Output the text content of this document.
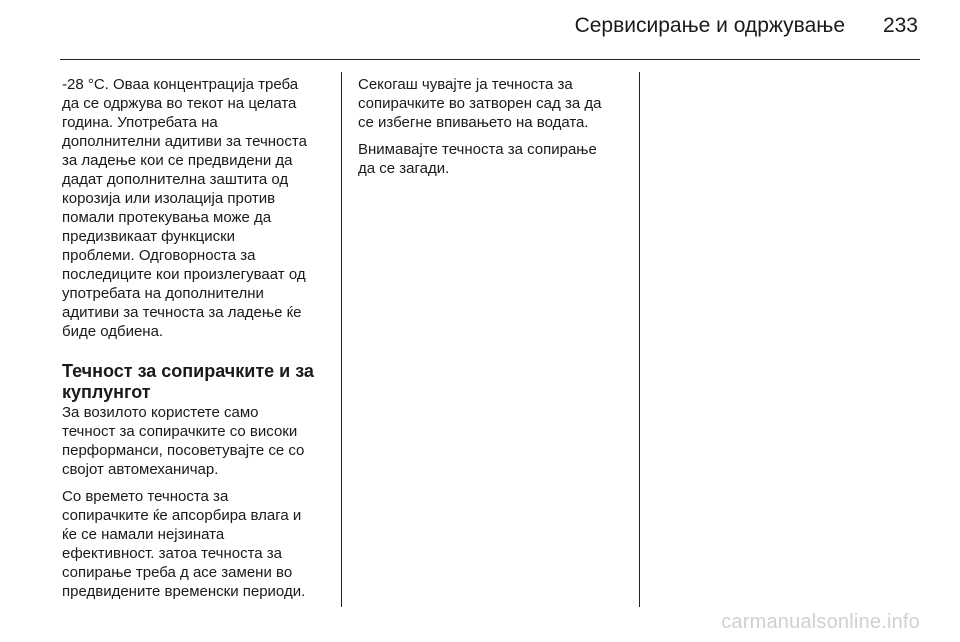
Сервисирање и одржување 233

-28 °C. Оваа концентрација треба
да се одржува во текот на целата
година. Употребата на
дополнителни адитиви за течноста
за ладење кои се предвидени да
дадат дополнителна заштита од
корозија или изолација против
помали протекувања може да
предизвикаат функциски
проблеми. Одговорноста за
последиците кои произлегуваат од
употребата на дополнителни
адитиви за течноста за ладење ќе
биде одбиена.

Течност за сопирачките и за
куплунгот

За возилото користете само
течност за сопирачките со високи
перформанси, посоветувајте се со
својот автомеханичар.

Со времето течноста за
сопирачките ќе апсорбира влага и
ќе се намали нејзината
ефективност. затоа течноста за
сопирање треба д асе замени во
предвидените временски периоди.

Секогаш чувајте ја течноста за
сопирачките во затворен сад за да
се избегне впивањето на водата.

Внимавајте течноста за сопирање
да се загади.

carmanualsonline.info
